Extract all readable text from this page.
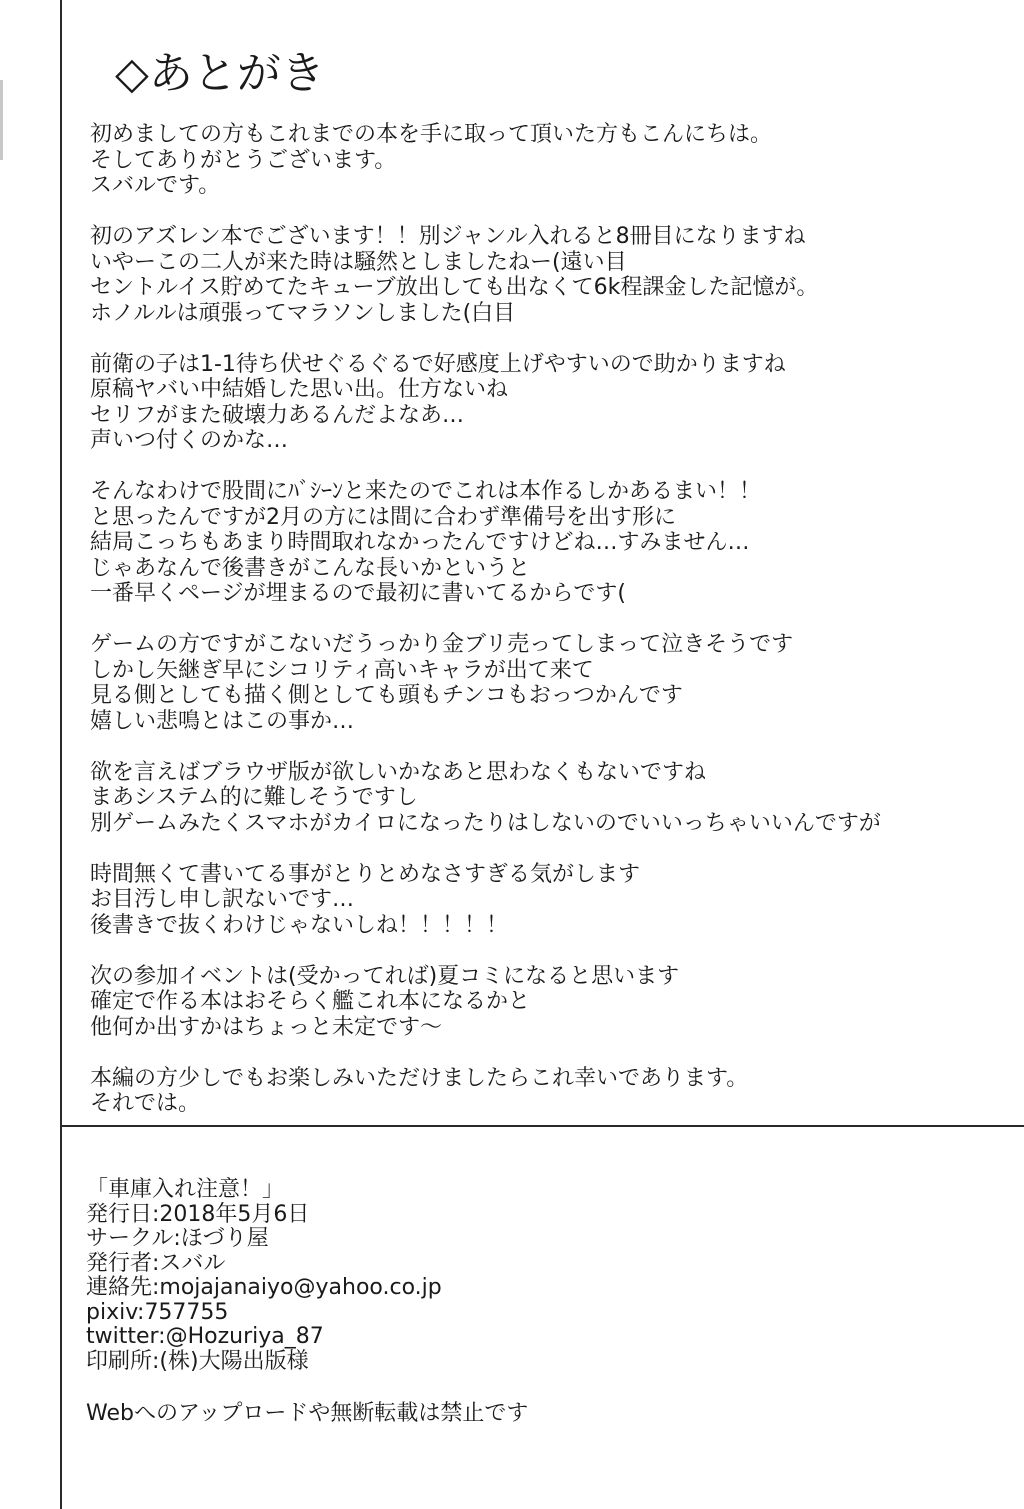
◇あとがき
初めましての方もこれまでの本を手に取って頂いた方もこんにちは。
そしてありがとうございます。
スバルです。
初のアズレン本でございます！！別ジャンル入れると8冊目になりますね
いやーこの二人が来た時は騒然としましたねー(遠い目
セントルイス貯めてたキューブ放出しても出なくて6k程課金した記憶が。
ホノルルは頑張ってマラソンしました(白目
前衛の子は1-1待ち伏せぐるぐるで好感度上げやすいので助かりますね
原稿ヤバい中結婚した思い出。仕方ないね
セリフがまた破壊力あるんだよなあ…
声いつ付くのかな…
そんなわけで股間にﾊﾞｼｰﾝと来たのでこれは本作るしかあるまい！！
と思ったんですが2月の方には間に合わず準備号を出す形に
結局こっちもあまり時間取れなかったんですけどね…すみません…
じゃあなんで後書きがこんな長いかというと
一番早くページが埋まるので最初に書いてるからです(
ゲームの方ですがこないだうっかり金ブリ売ってしまって泣きそうです
しかし矢継ぎ早にシコリティ高いキャラが出て来て
見る側としても描く側としても頭もチンコもおっつかんです
嬉しい悲鳴とはこの事か…
欲を言えばブラウザ版が欲しいかなあと思わなくもないですね
まあシステム的に難しそうですし
別ゲームみたくスマホがカイロになったりはしないのでいいっちゃいいんですが
時間無くて書いてる事がとりとめなさすぎる気がします
お目汚し申し訳ないです…
後書きで抜くわけじゃないしね！！！！！
次の参加イベントは(受かってれば)夏コミになると思います
確定で作る本はおそらく艦これ本になるかと
他何か出すかはちょっと未定です～
本編の方少しでもお楽しみいただけましたらこれ幸いであります。
それでは。
「車庫入れ注意！」
発行日:2018年5月6日
サークル:ほづり屋
発行者:スバル
連絡先:mojajanaiyo@yahoo.co.jp
pixiv:757755
twitter:@Hozuriya_87
印刷所:(株)大陽出版様
Webへのアップロードや無断転載は禁止です
